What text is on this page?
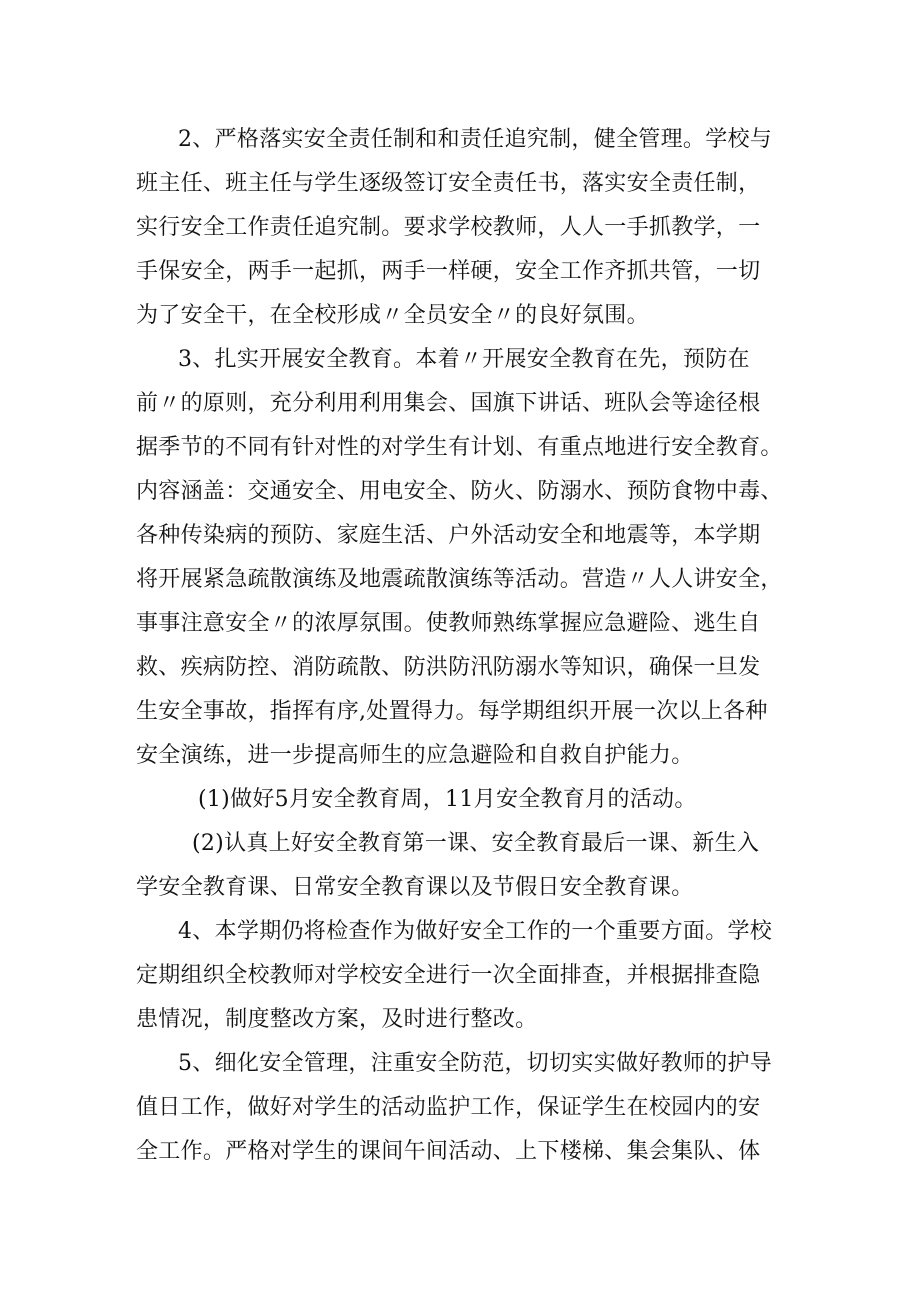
2、严格落实安全责任制和和责任追究制，健全管理。学校与
班主任、班主任与学生逐级签订安全责任书，落实安全责任制，
实行安全工作责任追究制。要求学校教师，人人一手抓教学，一
手保安全，两手一起抓，两手一样硬，安全工作齐抓共管，一切
为了安全干，在全校形成〃全员安全〃的良好氛围。
3、扎实开展安全教育。本着〃开展安全教育在先，预防在
前〃的原则，充分利用利用集会、国旗下讲话、班队会等途径根
据季节的不同有针对性的对学生有计划、有重点地进行安全教育。
内容涵盖：交通安全、用电安全、防火、防溺水、预防食物中毒、
各种传染病的预防、家庭生活、户外活动安全和地震等，本学期
将开展紧急疏散演练及地震疏散演练等活动。营造〃人人讲安全，
事事注意安全〃的浓厚氛围。使教师熟练掌握应急避险、逃生自
救、疾病防控、消防疏散、防洪防汛防溺水等知识，确保一旦发
生安全事故，指挥有序,处置得力。每学期组织开展一次以上各种
安全演练，进一步提高师生的应急避险和自救自护能力。
(1)做好5月安全教育周，11月安全教育月的活动。
(2)认真上好安全教育第一课、安全教育最后一课、新生入
学安全教育课、日常安全教育课以及节假日安全教育课。
4、本学期仍将检查作为做好安全工作的一个重要方面。学校
定期组织全校教师对学校安全进行一次全面排查，并根据排查隐
患情况，制度整改方案，及时进行整改。
5、细化安全管理，注重安全防范，切切实实做好教师的护导
值日工作，做好对学生的活动监护工作，保证学生在校园内的安
全工作。严格对学生的课间午间活动、上下楼梯、集会集队、体
